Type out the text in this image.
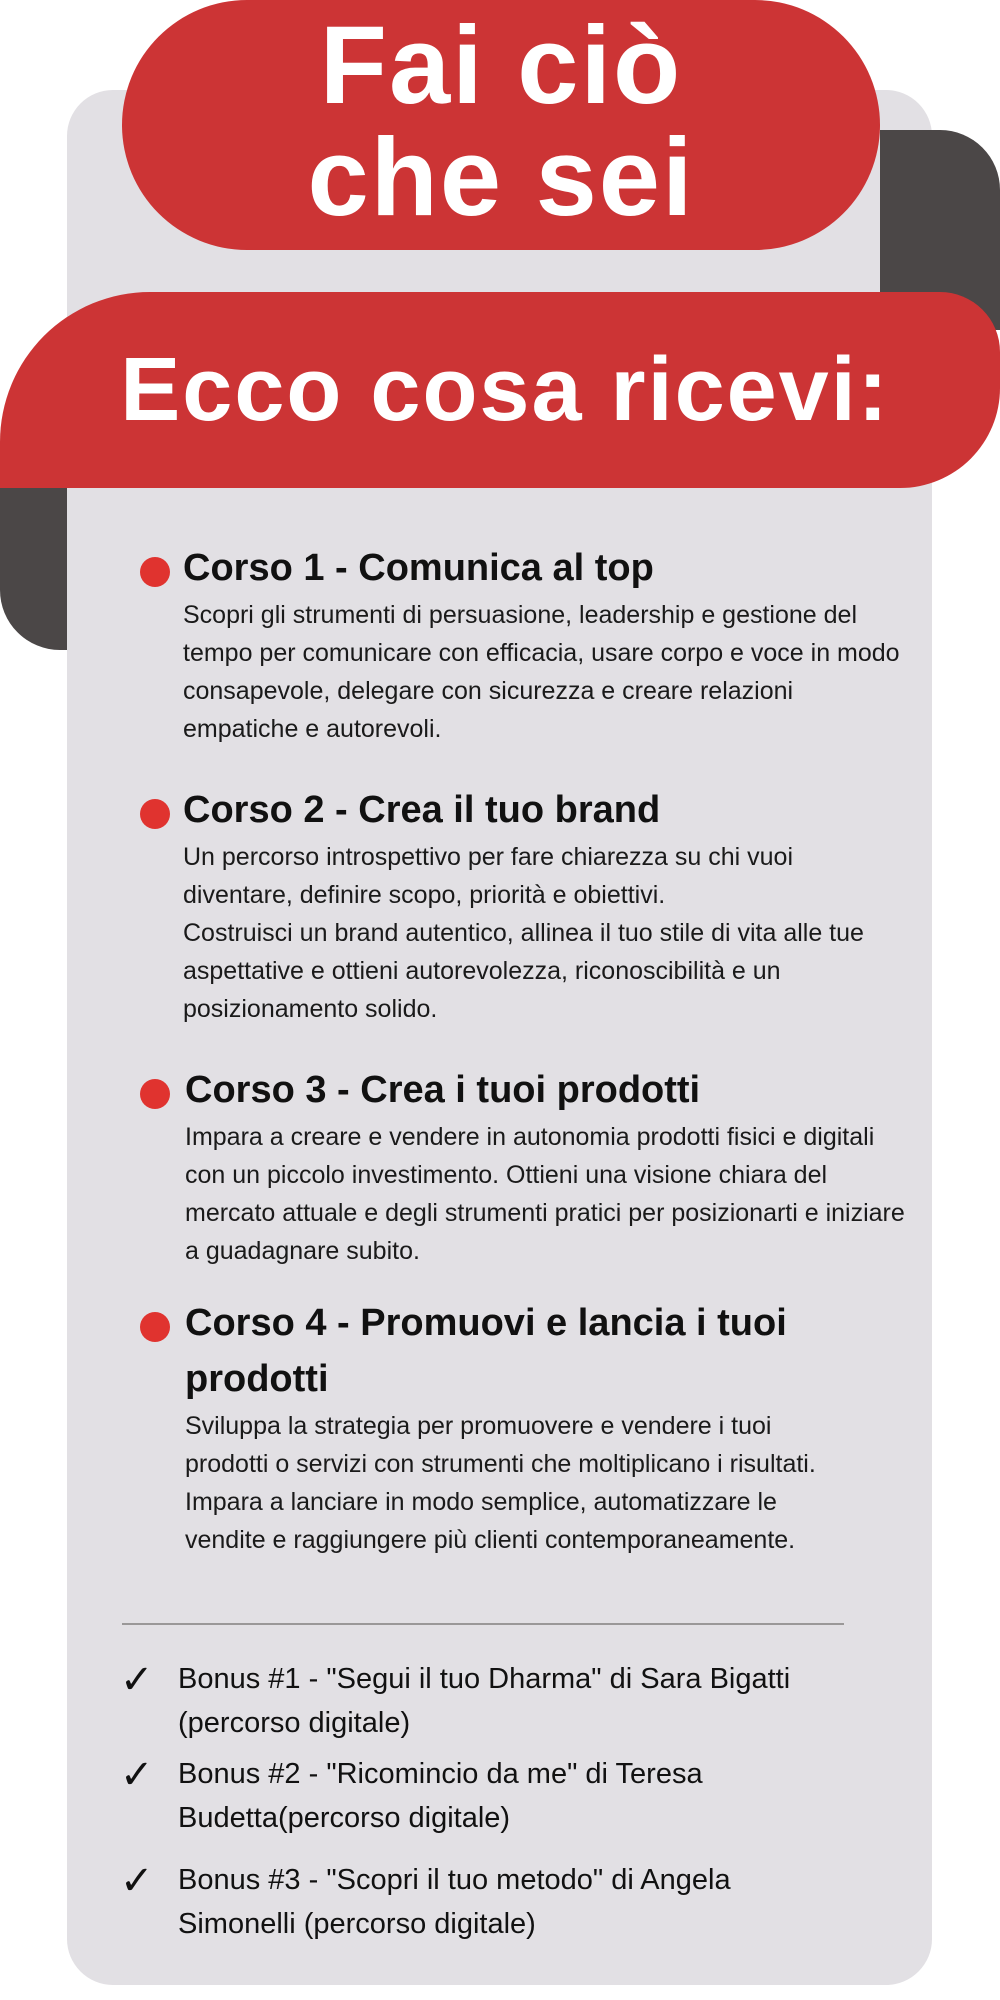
Fai ciò
che sei
Ecco cosa ricevi:
Corso 1 - Comunica al top
Scopri gli strumenti di persuasione, leadership e gestione del tempo per comunicare con efficacia, usare corpo e voce in modo consapevole, delegare con sicurezza e creare relazioni empatiche e autorevoli.
Corso 2 - Crea il tuo brand
Un percorso introspettivo per fare chiarezza su chi vuoi diventare, definire scopo, priorità e obiettivi.
Costruisci un brand autentico, allinea il tuo stile di vita alle tue aspettative e ottieni autorevolezza, riconoscibilità e un posizionamento solido.
Corso 3 - Crea i tuoi prodotti
Impara a creare e vendere in autonomia prodotti fisici e digitali con un piccolo investimento. Ottieni una visione chiara del mercato attuale e degli strumenti pratici per posizionarti e iniziare a guadagnare subito.
Corso 4 - Promuovi e lancia i tuoi prodotti
Sviluppa la strategia per promuovere e vendere i tuoi prodotti o servizi con strumenti che moltiplicano i risultati. Impara a lanciare in modo semplice, automatizzare le vendite e raggiungere più clienti contemporaneamente.
✓ Bonus #1 - "Segui il tuo Dharma" di Sara Bigatti (percorso digitale)
✓ Bonus #2 - "Ricomincio da me" di Teresa Budetta(percorso digitale)
✓ Bonus #3 - "Scopri il tuo metodo" di Angela Simonelli (percorso digitale)
